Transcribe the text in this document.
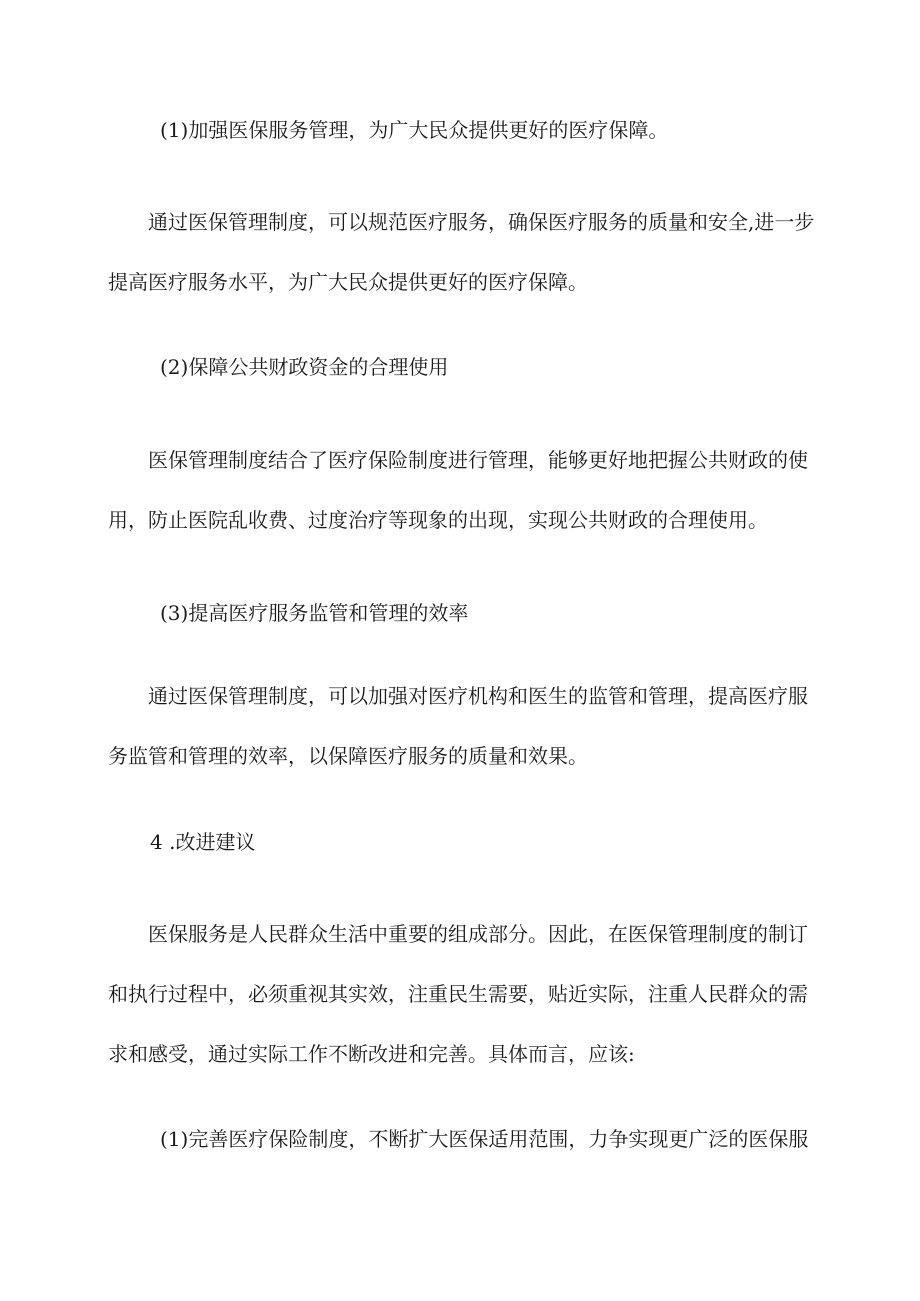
(1)加强医保服务管理，为广大民众提供更好的医疗保障。

通过医保管理制度，可以规范医疗服务，确保医疗服务的质量和安全,进一步
提高医疗服务水平，为广大民众提供更好的医疗保障。

(2)保障公共财政资金的合理使用

医保管理制度结合了医疗保险制度进行管理，能够更好地把握公共财政的使
用，防止医院乱收费、过度治疗等现象的出现，实现公共财政的合理使用。

(3)提高医疗服务监管和管理的效率

通过医保管理制度，可以加强对医疗机构和医生的监管和管理，提高医疗服
务监管和管理的效率，以保障医疗服务的质量和效果。

4 .改进建议

医保服务是人民群众生活中重要的组成部分。因此，在医保管理制度的制订
和执行过程中，必须重视其实效，注重民生需要，贴近实际，注重人民群众的需
求和感受，通过实际工作不断改进和完善。具体而言，应该:

(1)完善医疗保险制度，不断扩大医保适用范围，力争实现更广泛的医保服
